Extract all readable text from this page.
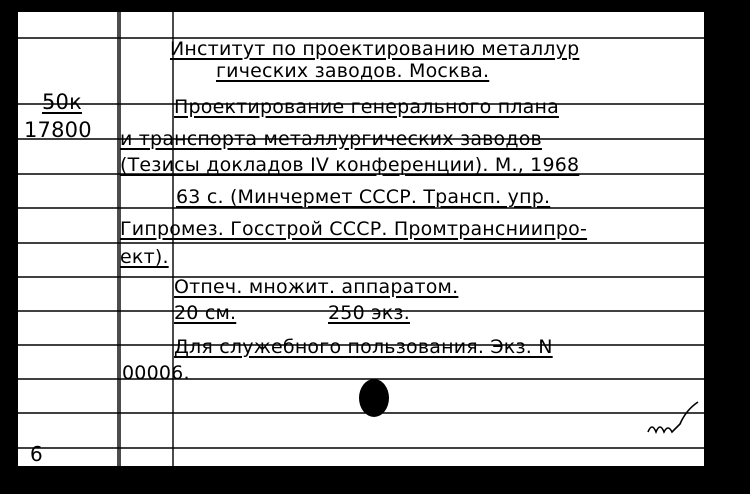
50к
17800
Институт по проектированию металлур
гических заводов. Москва.
Проектирование генерального плана
и транспорта металлургических заводов
(Тезисы докладов IV конференции). М., 1968
63 с. (Минчермет СССР. Трансп. упр.
Гипромез. Госстрой СССР. Промтрансниипро-
ект).
Отпеч. множит. аппаратом.
20 см.	250 экз.
Для служебного пользования. Экз. N
00006.
6
